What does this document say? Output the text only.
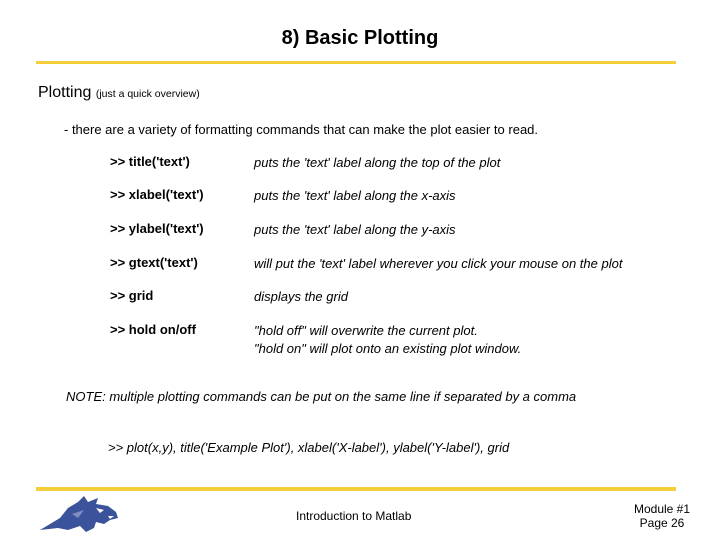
8) Basic Plotting
Plotting (just a quick overview)
- there are a variety of formatting commands that can make the plot easier to read.
>> title('text')	puts the 'text' label along the top of the plot
>> xlabel('text')	puts the 'text' label along the x-axis
>> ylabel('text')	puts the 'text' label along the y-axis
>> gtext('text')	will put the 'text' label wherever you click your mouse on the plot
>> grid	displays the grid
>> hold on/off	"hold off" will overwrite the current plot.
"hold on" will plot onto an existing plot window.
NOTE: multiple plotting commands can be put on the same line if separated by a comma
>> plot(x,y), title('Example Plot'), xlabel('X-label'), ylabel('Y-label'), grid
Introduction to Matlab	Module #1
Page 26
